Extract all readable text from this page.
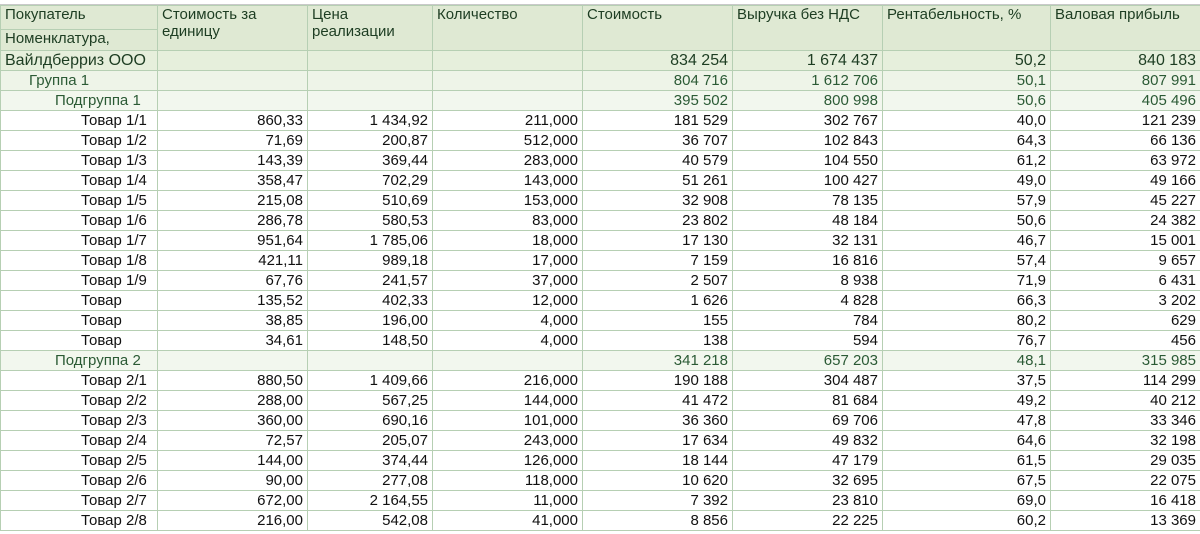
Покупатель	Стоимость за единицу	Цена реализации	Количество	Стоимость	Выручка без НДС	Рентабельность, %	Валовая прибыль
Номенклатура,							
Вайлдберриз ООО				834 254	1 674 437	50,2	840 183
Группа 1				804 716	1 612 706	50,1	807 991
Подгруппа 1				395 502	800 998	50,6	405 496
Товар 1/1	860,33	1 434,92	211,000	181 529	302 767	40,0	121 239
Товар 1/2	71,69	200,87	512,000	36 707	102 843	64,3	66 136
Товар 1/3	143,39	369,44	283,000	40 579	104 550	61,2	63 972
Товар 1/4	358,47	702,29	143,000	51 261	100 427	49,0	49 166
Товар 1/5	215,08	510,69	153,000	32 908	78 135	57,9	45 227
Товар 1/6	286,78	580,53	83,000	23 802	48 184	50,6	24 382
Товар 1/7	951,64	1 785,06	18,000	17 130	32 131	46,7	15 001
Товар 1/8	421,11	989,18	17,000	7 159	16 816	57,4	9 657
Товар 1/9	67,76	241,57	37,000	2 507	8 938	71,9	6 431
Товар	135,52	402,33	12,000	1 626	4 828	66,3	3 202
Товар	38,85	196,00	4,000	155	784	80,2	629
Товар	34,61	148,50	4,000	138	594	76,7	456
Подгруппа 2				341 218	657 203	48,1	315 985
Товар 2/1	880,50	1 409,66	216,000	190 188	304 487	37,5	114 299
Товар 2/2	288,00	567,25	144,000	41 472	81 684	49,2	40 212
Товар 2/3	360,00	690,16	101,000	36 360	69 706	47,8	33 346
Товар 2/4	72,57	205,07	243,000	17 634	49 832	64,6	32 198
Товар 2/5	144,00	374,44	126,000	18 144	47 179	61,5	29 035
Товар 2/6	90,00	277,08	118,000	10 620	32 695	67,5	22 075
Товар 2/7	672,00	2 164,55	11,000	7 392	23 810	69,0	16 418
Товар 2/8	216,00	542,08	41,000	8 856	22 225	60,2	13 369
